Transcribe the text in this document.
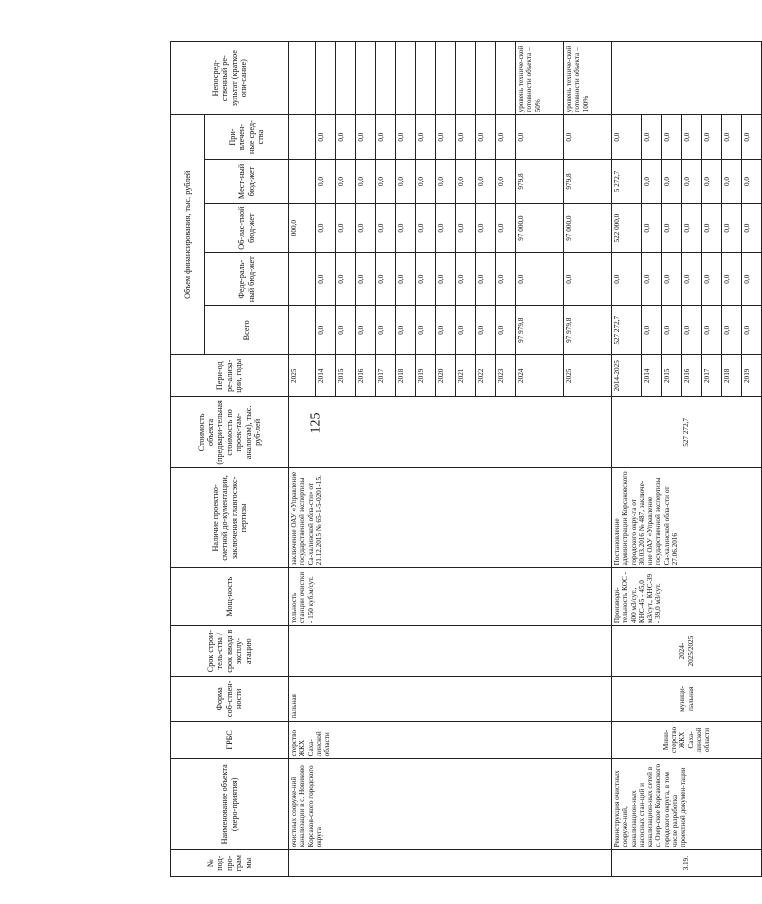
125
№ под-про-грам мы	Наименование объекта (меро-приятия)	ГРБС	Форма соб-ствен-ности	Срок строи-тель-ства / срок ввода в эксплу-атацию	Мощ-ность	Наличие проектно-сметной до-кументации, заключения главгосэкс-пертизы	Стоимость объекта (предвари-тельная стоимость по проек-там-аналогам), тыс. руб-лей	Пери-од ре-ализа-ции, годы	Объем финансирования, тыс. рублей					Непосред-ственный ре-зультат (краткое опи-сание)
									Всего	Феде-раль-ный бюд-жет	Об-лас-тной бюд-жет	Мест-ный бюд-жет	При-влечен-ные сред-ства	
	очистных сооруже-ний канализации в с. Новиково Корсаков-ского городского округа	стерство ЖКХ Саха-линской области	пальная		тельность станции очистки - 150 куб.м/сут.	заключение ОАУ «Управление государственной экспертизы Са-халинской обла-сти» от 21.12.2015 № 65-1-5-0201-15.		2025			000,0			
								2014	0,0	0,0	0,0	0,0	0,0	
								2015	0,0	0,0	0,0	0,0	0,0	
								2016	0,0	0,0	0,0	0,0	0,0	
								2017	0,0	0,0	0,0	0,0	0,0	
								2018	0,0	0,0	0,0	0,0	0,0	
								2019	0,0	0,0	0,0	0,0	0,0	
								2020	0,0	0,0	0,0	0,0	0,0	
								2021	0,0	0,0	0,0	0,0	0,0	
								2022	0,0	0,0	0,0	0,0	0,0	
								2023	0,0	0,0	0,0	0,0	0,0	
								2024	97 979,8	0,0	97 000,0	979,8	0,0	уровень техниче-ской готовности объекта – 50%
								2025	97 979,8	0,0	97 000,0	979,8	0,0	уровень техниче-ской готовности объекта – 100%
3.19.	Реконструкция очистных сооруже-ний, канализацион-ных насосных стан-ций и канализацион-ных сетей в с. Озер-ское Корсаковского городского округа, в том числе разработка проектной докумен-тации	Мини-стерство ЖКХ Саха-линской области	муници-пальная	2024-2025/2025	Производи-тельность КОС - 400 м3/сут., КНС-45 - 45,0 м3/сут., КНС-39 - 39,0 м3/сут.	Постановление администрации Корсаковского городского окру-га от 30.03.2016 № 487, заключе-ние ОАУ «Управление государственной экспертизы Са-халинской обла-сти от 27.06.2016	527 272,7	2014-2025	527 272,7	0,0	522 000,0	5 272,7	0,0	
								2014	0,0	0,0	0,0	0,0	0,0	
								2015	0,0	0,0	0,0	0,0	0,0	
								2016	0,0	0,0	0,0	0,0	0,0	
								2017	0,0	0,0	0,0	0,0	0,0	
								2018	0,0	0,0	0,0	0,0	0,0	
								2019	0,0	0,0	0,0	0,0	0,0	
